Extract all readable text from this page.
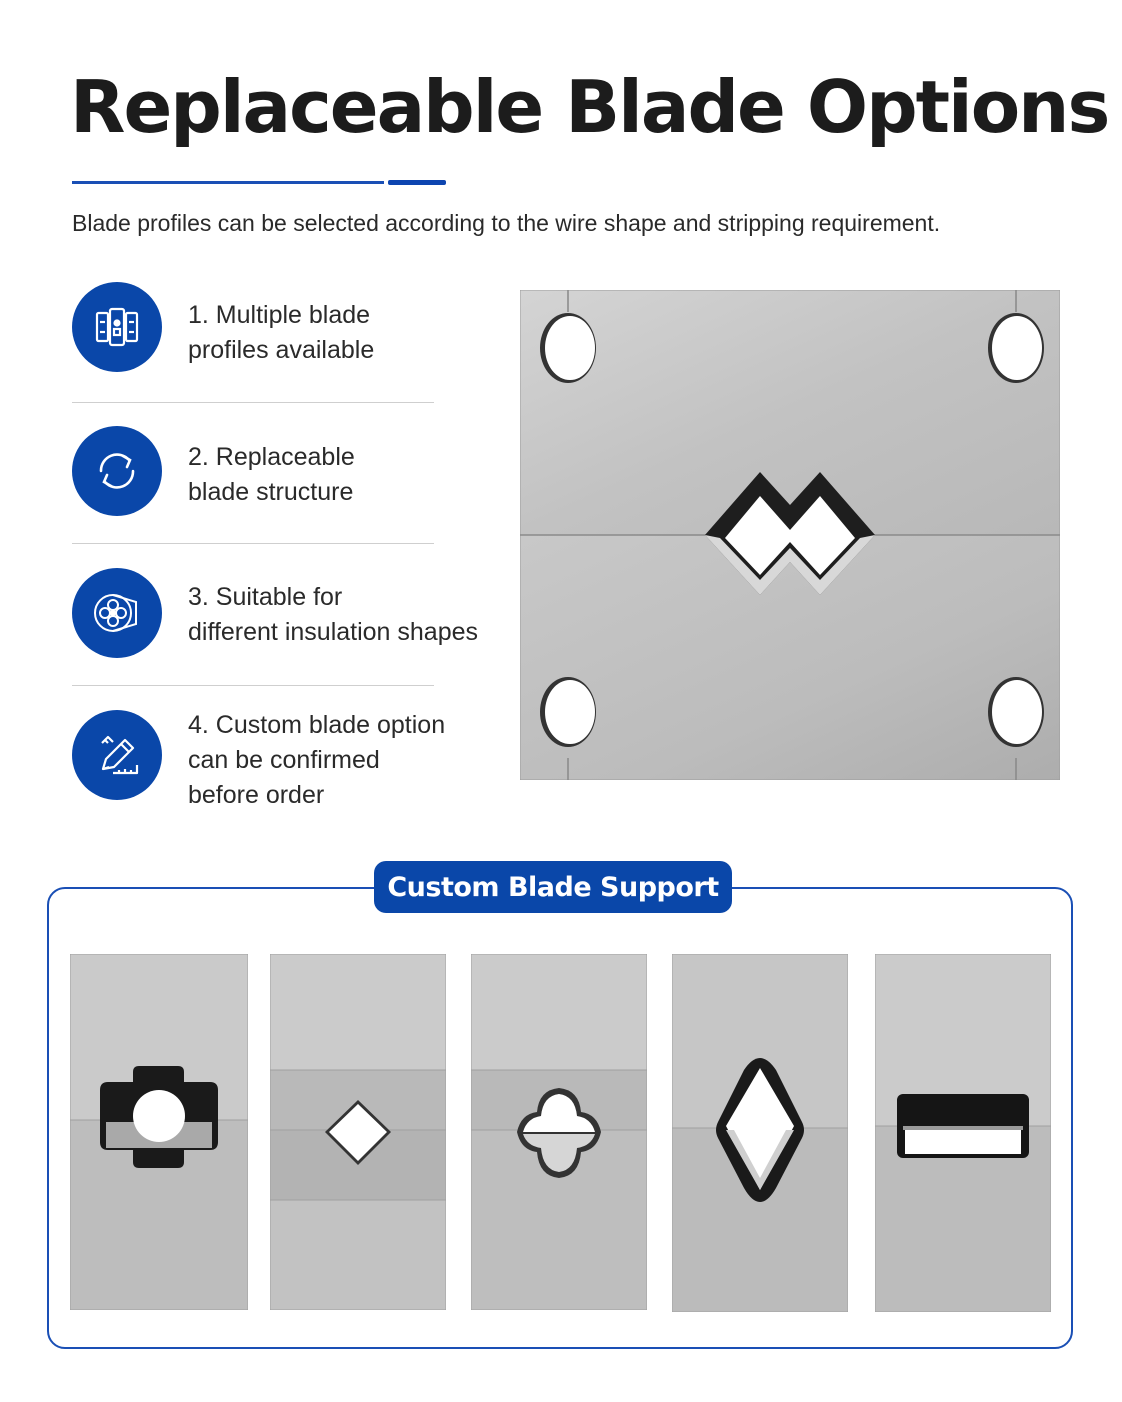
Replaceable Blade Options

Blade profiles can be selected according to the wire shape and stripping requirement.

1. Multiple blade
profiles available
2. Replaceable
blade structure
3. Suitable for
different insulation shapes
4. Custom blade option
can be confirmed
before order
Custom Blade Support
